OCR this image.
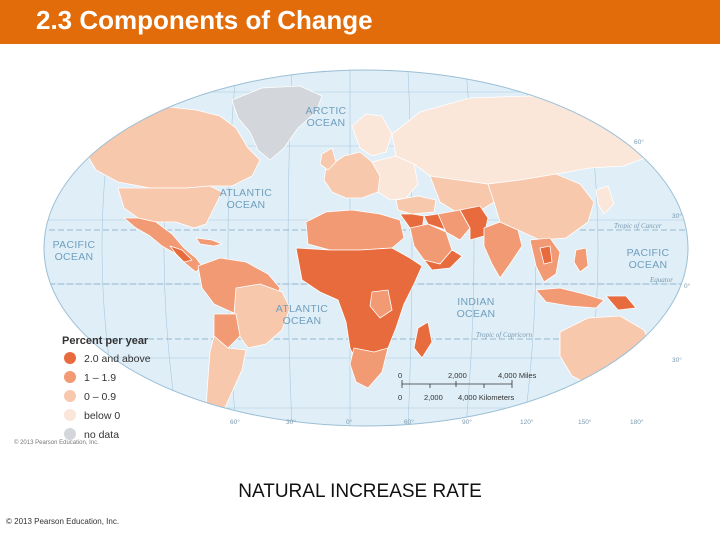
2.3 Components of Change
ARCTIC
OCEAN
ATLANTIC
OCEAN
PACIFIC
OCEAN
ATLANTIC
OCEAN
INDIAN
OCEAN
PACIFIC
OCEAN
Tropic of Cancer
Equator
Tropic of Capricorn
60°
30°
0°
30°
60°	30°	0°	60°	90°	120°	150°	180°
Percent per year
2.0 and above
1 – 1.9
0 – 0.9
below 0
no data
0	2,000	4,000 Miles
0	2,000 4,000 Kilometers
© 2013 Pearson Education, Inc.
NATURAL INCREASE RATE
© 2013 Pearson Education, Inc.
